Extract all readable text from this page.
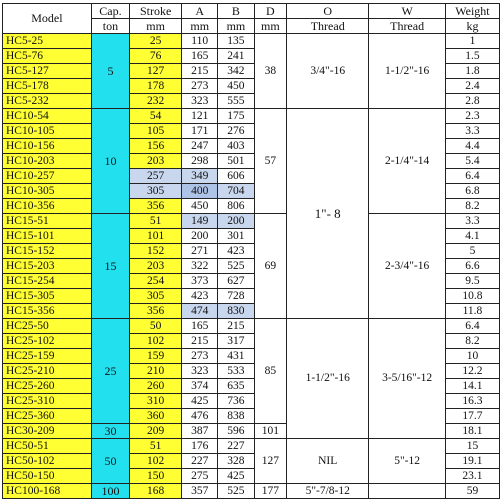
Model	Cap.	Stroke	A	B	D	O	W	Weight
	ton	mm	mm	mm	mm	Thread	Thread	kg
HC5-25	5	25	110	135	38	3/4"-16	1-1/2"-16	1
HC5-76		76	165	241				1.5
HC5-127		127	215	342				1.8
HC5-178		178	273	450				2.4
HC5-232		232	323	555				2.8
HC10-54	10	54	121	175	57	1"- 8	2-1/4"-14	2.3
HC10-105		105	171	276				3.3
HC10-156		156	247	403				4.4
HC10-203		203	298	501				5.4
HC10-257		257	349	606				6.4
HC10-305		305	400	704				6.8
HC10-356		356	450	806				8.2
HC15-51	15	51	149	200	69		2-3/4"-16	3.3
HC15-101		101	200	301				4.1
HC15-152		152	271	423				5
HC15-203		203	322	525				6.6
HC15-254		254	373	627				9.5
HC15-305		305	423	728				10.8
HC15-356		356	474	830				11.8
HC25-50	25	50	165	215	85	1-1/2"-16	3-5/16"-12	6.4
HC25-102		102	215	317				8.2
HC25-159		159	273	431				10
HC25-210		210	323	533				12.2
HC25-260		260	374	635				14.1
HC25-310		310	425	736				16.3
HC25-360		360	476	838				17.7
HC30-209	30	209	387	596	101			18.1
HC50-51	50	51	176	227	127	NIL	5"-12	15
HC50-102		102	227	328				19.1
HC50-150		150	275	425				23.1
HC100-168	100	168	357	525	177	5"-7/8-12		59
